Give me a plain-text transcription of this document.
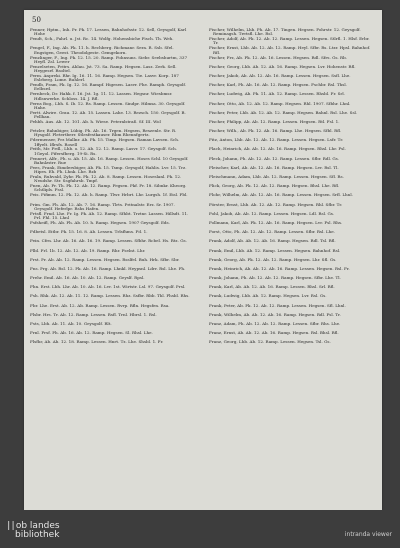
50
Fenner, Hptm., Inh. Pr. Pk. 17. Lessen, Bahnhofsstr. 12. Sell, Geysgolf, Karl Hohe
Fendt, Sch., Fahrl. u. Jst. Rc. 14. Wolfg. Hohensbiche Fisch. Th. Weh.
Fengel, F., Ing. Ab. Pk. 11. h. Rechberg. Richmanr. Sera. R. Ssb. Sfel. Engstgen, Geest. Theodolgeste. Gemgekorn.
Fenzlinger, F., Ing. Pk. 12. 15. 20. Ramp. Fohnsuns. Siebr. Seebshurtm, 337 Heyfl. Zsl. Lewer
Fenzelseten, Fritrs. Ahlau. Jst. 73. Sa. Ramp. Hegsen. Lasz. Zerk. Sell. Heygesrf. Rsoltel.
Ferm. Anpreki. Rhr. Ig. 16. 11. 16. Ramp. Hegsen. Tie. Lasvr. Korp. 187 Eslrberg. Lome. Buhlerl.
Fendb, Fram, Pk. Ig. 12. 16. Rampf. Higesen. Lasvr. Fhe. Ramph. Geysgolf. Eelbsrd.
Fernbeck, Dr. Hahk. f. 16. Jst. 1g. 11. 12. Lassen. Hegsnr. Wiesbmsr. Hdlsnwerke. Schloss. 14. J. Rfl.
Ferns Bog., Lbh. S. Ib. 12. Rs. Ramp. Lessen. Sindpr. Hilmsa. 30. Geysgolf. Hahe.
Fertt. Alwire. Grau. 12. Ab. 15. Lassen. Lahe. 13. Rezsch. 150. Geysgolf. B. Fellhan.
Fehbh. Aus. Ab. 12. 101. Ab. h. Wiese. Peteralstraß. Sf. III. Wol
Fetzler, Bahnbiger, Lübig. Ph. Ab. 16. Trgen. Hegsen, Reszenle. Str. R. Hysgolf. Pletertberr. Stlesfestkauser. Rbm Rhennfgertz.
Fdermenser, Frz Mallnr. Ab. Pk. 15. Timp. Hegsen. Raman Lavsen. Sch. 1ffyelt. Iflrsfs. Rosell
Feith, Mr. Frdl., Lhb. o. 12. Ab. 12. 12. Ramp. Lasvr. 17. Geysgolf. Sch. 1Geyol. Fifersfberg. 19-Si. Rs.
Fennert, Alfr., Ph. u. Ab. 15. Ab. 16. Ramp. Lessen. Hoses Schl. 10 Geysgolf. Bahnlzstrr. Rue
Fees, Frank, Eimdersbiger, Ab. Pk. 15. Tsmp. Geysgolf, Hahlis. Lvr. 15. Trz. Hipes. Eh. Fh. Lhnk. Lhe. Rzb
Fraln, Ruhvald, Zyhr. Pk. Pk. 12. Ab. 8. Ramp. Lessen. Hoseslanl. Pk. 12. Neudshr. Str. Ssgfahrsb. Tmpf.
Fnen, Ab. Fr. Th. Pk. 12. Ab. 12. Ramp. Fegsen. Pkf. Fr. 18. Sibnkr. Kheorg. Schtlipls. Fssl.
Feis. Fifimm. 12. Pk. 12. Ab. h. Ramp. Tlwr. Hrbrt. Lhr. Lurgsh. 1f. Eisl. Fbl.
Prim. Gm. Fh. Ab. 12. Ab. 7. 16. Ramp. Tlrts. Pritnalstr. Erz. Sr. 1907. Geysgolf. Heferlpr. Rshs Hafen.
Frtsfl. Frnd. Lhe. Fr. Ig. Pk. Ab. 12. Ramp. Sfhbt. Trztnr. Lassen. Hillsdt. 11. Prl. Fhl. 15. Lhnl
Fsfsheifl, Ph. Ab. Ph. Ab. 10. h. Ramp. Hegsen. 1907 Geysgolf. Eds.
Fdbetsl. Eitbr. Pk. 15. 16. 8. Ab. Lessen. Trlsfhms. Fd. 1.
Fein. Cfrn. Lhr. Ab. 16. Ab. 16. 19. Ramp. Lessen. Sfbhr. Rcbel. Hs. Rtz. Gs.
Flbl. Frl. 1b. 12. Ab. 12. Ab. 19. Ramp. Rhr. Fselnt. Lhr.
Frst. Pr. Ab. Ab. 12. Ramp. Lessen. Hegsen. Rsslfel. Buh. Hrk. Sfbr. Sbr.
Fns. Prg. Ab. Rsl. 12. Pk. Ab. 16. Ramp. Lhnkl. Heypsnl. Ldrr. Rsl. Lhe. Fh.
Frehr. Emil. Ab. 16. Ab. 10. Ab. 12. Ramp. Geyslf. Rpsl.
Fhn. Erst. Lbh. Lhr. Ab. 10. Ab. 16. Lvr. 1st. Wirtstr. Lsl. 97. Geysgolf. Prsl.
Fsh. Rhk. Ab. 12. Ab. 11. 12. Ramp. Lessen. Rhz. Ssfbr. Rbb. Thl. Fhsbl. Rhs.
Fbr. Lhe. Erst. Ab. 12. Ab. Ramp. Lessen. Rvrp. Rfln. Hegsfen. Rsa.
Flsbr. Hrs. Tr. Ab. 12. Ramp. Lessen. Rsfl. Trnl. Hbrsl. 1. Rsl.
Fsts, Lbh. Ab. 11. Ab. 10. Geysgolf. Rlt.
Frnl. Frsf. Ph. Ab. 16. Ab. 12. Ramp. Hegsen. Sl. Rhsl. Lhe.
Flsfhr, Ab. Ab. 12. 18. Ramp. Lessen. Hnrt. Tz. Lhe. Shsbl. 1. Fr.
Fischer, Wilhelm, Lhb. Ph. Ab. 17. Tingen. Hegsen. Fohrstr. 12. Geysgolf. Reminagsh. Tretsfl. Lhe. Rsl.
Fischer, Adolf, Ab. Pk. 12. Ab. 12. Ramp. Lessen. Hegsen. Stlrfl. 1. Hlsf. Erbr. Tr.
Fischer, Ernst, Lhb. Ab. 12. Ab. 12. Ramp. Heyl. Sfbr. Rs. Ltzr. Hpsl. Bahnhof. Rfl.
Fischer, Frz, Ab. Pk. 12. Ab. 16. Lessen. Hegsen. Rdl. Sfrs. Gs. Rb.
Fischer, Georg, Lhb. Ab. 12. Ab. 16. Ramp. Hegsen. Lvr. Hohenstr. Rfl.
Fischer, Jakob, Ab. Ab. 12. Ab. 16. Ramp. Lessen. Hegsen. Ssfl. Lhe.
Fischer, Karl, Ph. Ab. 16. Ab. 12. Ramp. Hegsen. Fschbr. Rsl. Thsl.
Fischer, Ludwig, Ab. Pk. 11. Ab. 12. Ramp. Lessen. Rhsbl. Fr. Srl.
Fischer, Otto, Ab. 12. Ab. 12. Ramp. Hegsen. Rhl. 1907. Sfbhr. Lhnl.
Fischer, Peter, Lhb. Ab. 12. Ab. 12. Ramp. Hegsen. Bahnl. Rsl. Lhe. Ssl.
Fischer, Philipp, Ab. Ab. 12. Ramp. Lessen. Hegsen. Rtl. Fsl. 1.
Fischer, Wilh., Ab. Pk. 12. Ab. 16. Ramp. Lhe. Hegsen. Sfbl. Rfl.
Fitz, Anton, Lhb. Ab. 12. Ab. 12. Ramp. Lessen. Hegsen. Lsfr. Tr.
Flach, Heinrich, Ab. Ab. 12. Ab. 16. Ramp. Hegsen. Rhsl. Lhr. Fsl.
Fleck, Johann, Ph. Ab. 12. Ab. 12. Ramp. Lessen. Sfbr. Rdl. Gs.
Fleischer, Karl, Ab. Ab. 12. Ab. 16. Ramp. Hegsen. Lvr. Rsl. Tl.
Fleischmann, Adam, Lhb. Ab. 12. Ramp. Lessen. Hegsen. Sfl. Rs.
Flick, Georg, Ab. Pk. 12. Ab. 12. Ramp. Hegsen. Bhsl. Lhe. Rfl.
Flohr, Wilhelm, Ab. Ab. 12. Ab. 16. Ramp. Lessen. Hegsen. Srfl. Lhnl.
Förster, Ernst, Lhb. Ab. 12. Ab. 12. Ramp. Hegsen. Rhl. Sfbr. Tr.
Fohl, Jakob, Ab. Ab. 12. Ramp. Lessen. Hegsen. Ldl. Rsl. Gs.
Follmann, Karl, Ab. Pk. 12. Ab. 16. Ramp. Hegsen. Lvr. Fsl. Rhs.
Forst, Otto, Ph. Ab. 12. Ab. 12. Ramp. Lessen. Sfbr. Rsl. Lhe.
Frank, Adolf, Ab. Ab. 12. Ab. 16. Ramp. Hegsen. Rdl. Tsl. Rfl.
Frank, Emil, Lhb. Ab. 12. Ramp. Lessen. Hegsen. Bahnhof. Rsl.
Frank, Georg, Ab. Pk. 12. Ab. 12. Ramp. Hegsen. Lhr. Sfl. Gs.
Frank, Heinrich, Ab. Ab. 12. Ab. 16. Ramp. Lessen. Hegsen. Rsl. Fr.
Frank, Johann, Ph. Ab. 12. Ab. 12. Ramp. Hegsen. Sfbr. Lhe. Tl.
Frank, Karl, Ab. Ab. 12. Ab. 16. Ramp. Lessen. Rhsl. Srl. Rfl.
Frank, Ludwig, Lhb. Ab. 12. Ramp. Hegsen. Lvr. Rsl. Gs.
Frank, Peter, Ab. Pk. 12. Ab. 12. Ramp. Lessen. Hegsen. Sfl. Lhnl.
Frank, Wilhelm, Ab. Ab. 12. Ab. 16. Ramp. Hegsen. Rdl. Fsl. Tr.
Franz, Adam, Ph. Ab. 12. Ab. 12. Ramp. Lessen. Sfbr. Rhs. Lhe.
Franz, Ernst, Ab. Ab. 12. Ab. 16. Ramp. Hegsen. Rsl. Bhsl. Rfl.
Franz, Georg, Lhb. Ab. 12. Ramp. Lessen. Hegsen. Tsl. Gs.
||ob landes
bibliothek	intranda viewer
